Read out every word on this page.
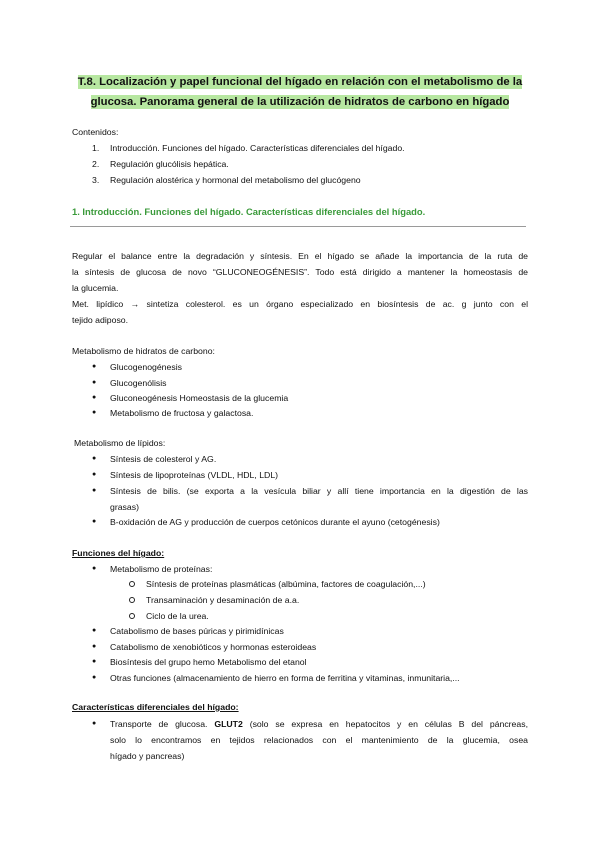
T.8. Localización y papel funcional del hígado en relación con el metabolismo de la
glucosa. Panorama general de la utilización de hidratos de carbono en hígado
Contenidos:
1. Introducción. Funciones del hígado. Características diferenciales del hígado.
2. Regulación glucólisis hepática.
3. Regulación alostérica y hormonal del metabolismo del glucógeno
1. Introducción. Funciones del hígado. Características diferenciales del hígado.
Regular el balance entre la degradación y síntesis. En el hígado se añade la importancia de la ruta de
la síntesis de glucosa de novo “GLUCONEOGÉNESIS”. Todo está dirigido a mantener la homeostasis de
la glucemia.
Met. lipídico → sintetiza colesterol. es un órgano especializado en biosíntesis de ac. g junto con el
tejido adiposo.
Metabolismo de hidratos de carbono:
● Glucogenogénesis
● Glucogenólisis
● Gluconeogénesis Homeostasis de la glucemia
● Metabolismo de fructosa y galactosa.
Metabolismo de lípidos:
● Síntesis de colesterol y AG.
● Síntesis de lipoproteínas (VLDL, HDL, LDL)
● Síntesis de bilis. (se exporta a la vesícula biliar y allí tiene importancia en la digestión de las
grasas)
● B-oxidación de AG y producción de cuerpos cetónicos durante el ayuno (cetogénesis)
Funciones del hígado:
● Metabolismo de proteínas:
Síntesis de proteínas plasmáticas (albúmina, factores de coagulación,...)
Transaminación y desaminación de a.a.
Ciclo de la urea.
● Catabolismo de bases púricas y pirimidínicas
● Catabolismo de xenobióticos y hormonas esteroideas
● Biosíntesis del grupo hemo Metabolismo del etanol
● Otras funciones (almacenamiento de hierro en forma de ferritina y vitaminas, inmunitaria,...
Características diferenciales del hígado:
● Transporte de glucosa. GLUT2 (solo se expresa en hepatocitos y en células B del páncreas,
solo lo encontramos en tejidos relacionados con el mantenimiento de la glucemia, osea
hígado y pancreas)
